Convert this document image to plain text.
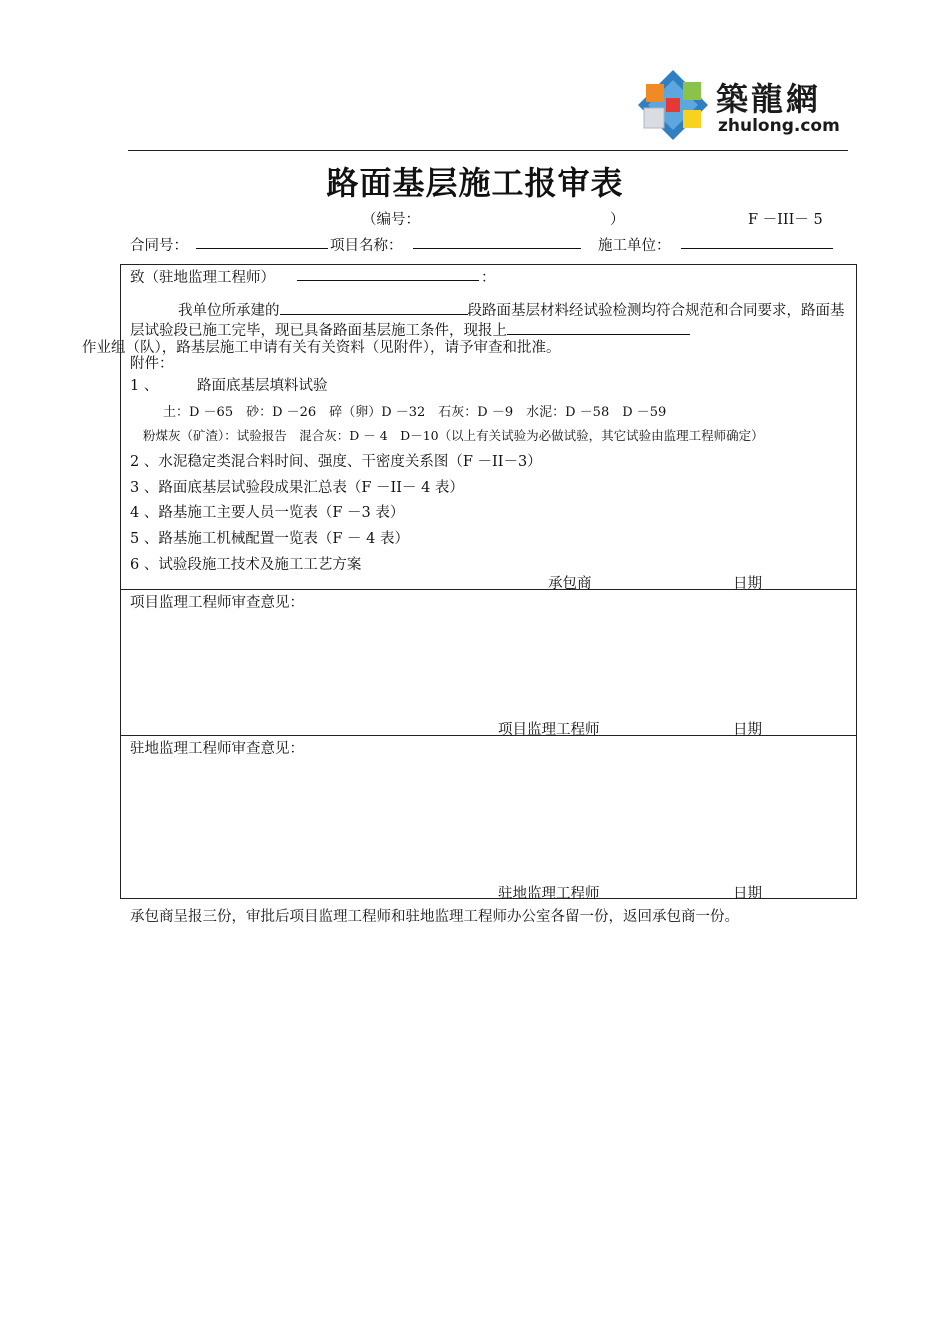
築龍網
zhulong.com
路面基层施工报审表
（编号：	）	F －III－ 5
合同号：	项目名称：	施工单位：
致（驻地监理工程师）	：
我单位所承建的	段路面基层材料经试验检测均符合规范和合同要求，路面基层试验段已施工完毕，现已具备路面基层施工条件，现报上
作业组（队），路基层施工申请有关有关资料（见附件），请予审查和批准。
附件：
1 、	路面底基层填料试验
土：D －65　砂：D －26　碎（卵）D －32　石灰：D －9　水泥：D －58　D －59
粉煤灰（矿渣）：试验报告　混合灰：D － 4　D－10（以上有关试验为必做试验，其它试验由监理工程师确定）
2 、水泥稳定类混合料时间、强度、干密度关系图（F －II－3）
3 、路面底基层试验段成果汇总表（F －II－ 4 表）
4 、路基施工主要人员一览表（F －3 表）
5 、路基施工机械配置一览表（F － 4 表）
6 、试验段施工技术及施工工艺方案
承包商	日期
项目监理工程师审查意见：
项目监理工程师	日期
驻地监理工程师审查意见：
驻地监理工程师	日期
承包商呈报三份，审批后项目监理工程师和驻地监理工程师办公室各留一份，返回承包商一份。
